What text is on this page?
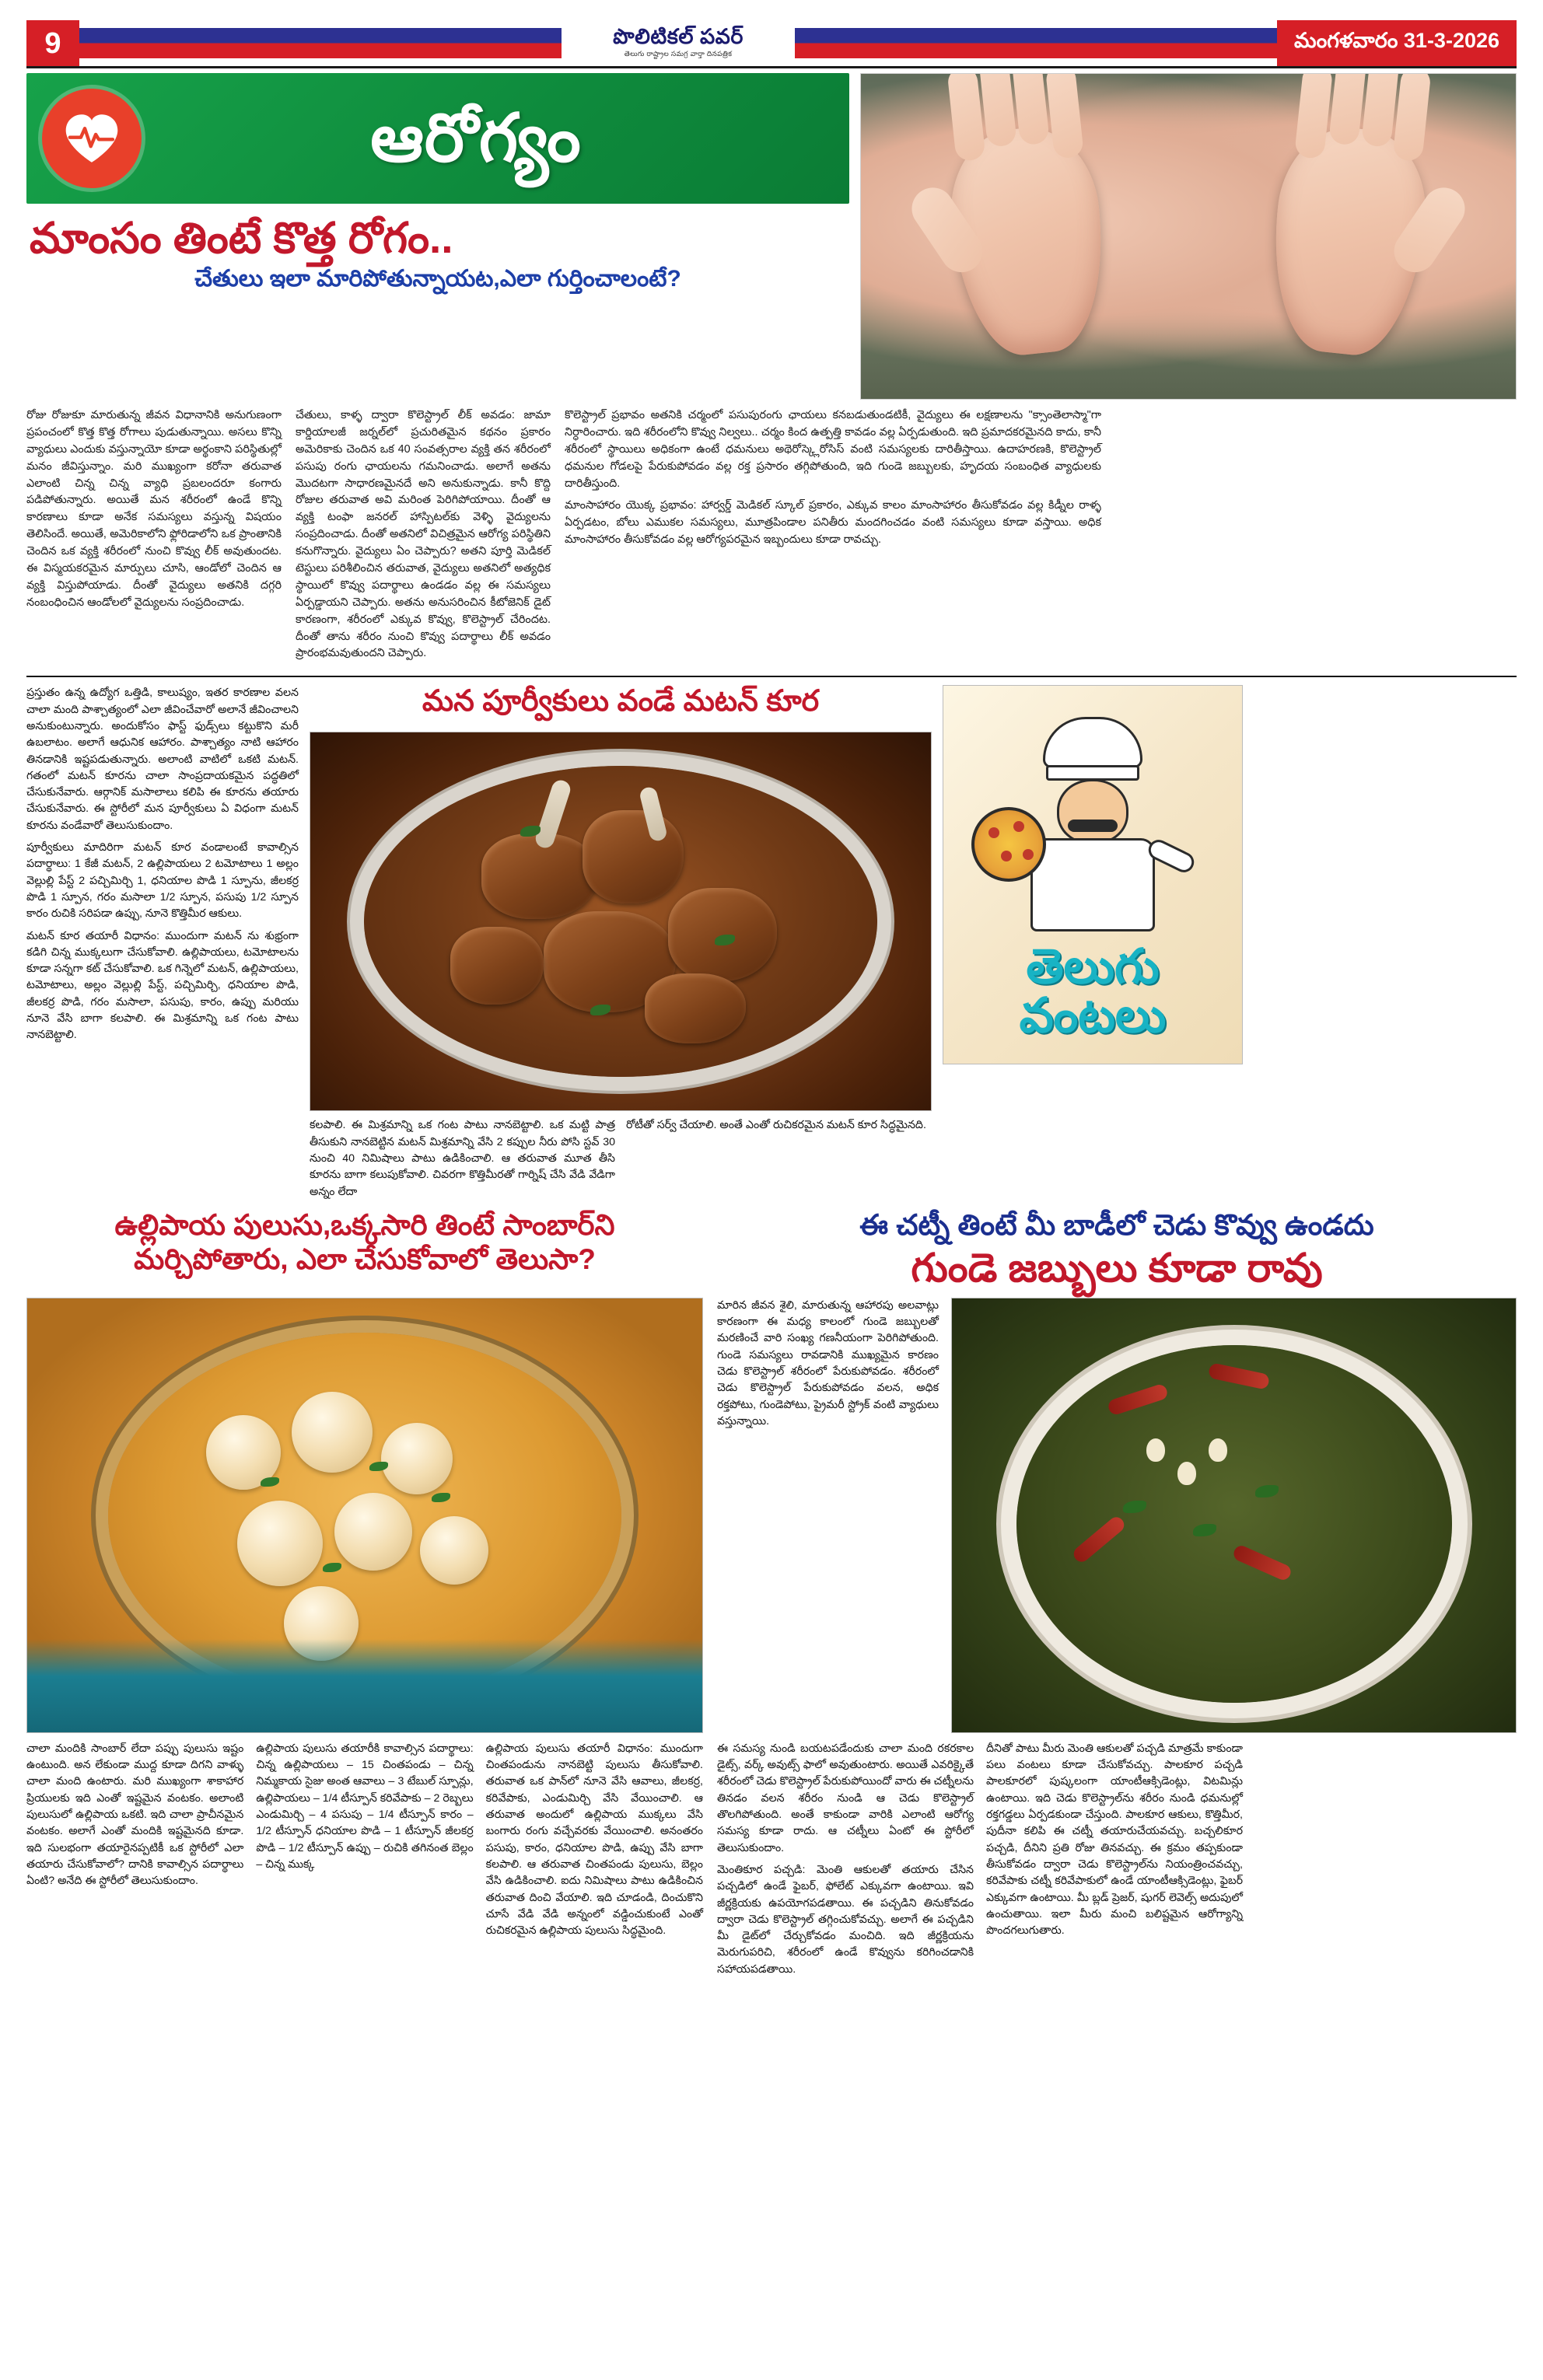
9	పొలిటికల్ పవర్
తెలుగు రాష్ట్రాల సమగ్ర వార్తా దినపత్రిక
మంగళవారం 31-3-2026
ఆరోగ్యం
మాంసం తింటే కొత్త రోగం..
చేతులు ఇలా మారిపోతున్నాయట,ఎలా గుర్తించాలంటే?

రోజు రోజుకూ మారుతున్న జీవన విధానానికి అనుగుణంగా ప్రపంచంలో కొత్త కొత్త రోగాలు పుడుతున్నాయి. అసలు కొన్ని వ్యాధులు ఎందుకు వస్తున్నాయో కూడా అర్థంకాని పరిస్థితుల్లో మనం జీవిస్తున్నాం. మరి ముఖ్యంగా కరోనా తరువాత ఎలాంటి చిన్న చిన్న వ్యాధి ప్రబలందరూ కంగారు పడిపోతున్నారు. అయితే మన శరీరంలో ఉండే కొన్ని కారణాలు కూడా అనేక సమస్యలు వస్తున్న విషయం తెలిసిందే. అయితే, అమెరికాలోని ఫ్లోరిడాలోని ఒక ప్రాంతానికి చెందిన ఒక వ్యక్తి శరీరంలో నుంచి కొవ్వు లీక్ అవుతుందట. ఈ విస్మయకరమైన మార్పులు చూసి, ఆండోలో చెందిన ఆ వ్యక్తి విస్తుపోయాడు. దీంతో వైద్యులు అతనికి దగ్గరి నంబంధించిన ఆండోలలో వైద్యులను సంప్రదించాడు.

చేతులు, కాళ్ళ ద్వారా కొలెస్ట్రాల్ లీక్ అవడం: జామా కార్డియాలజీ జర్నల్‌లో ప్రచురితమైన కథనం ప్రకారం అమెరికాకు చెందిన ఒక 40 సంవత్సరాల వ్యక్తి తన శరీరంలో పసుపు రంగు ఛాయలను గమనించాడు. అలాగే అతను మొదటగా సాధారణమైనదే అని అనుకున్నాడు. కానీ కొద్ది రోజుల తరువాత అవి మరింత పెరిగిపోయాయి. దీంతో ఆ వ్యక్తి టంఫా జనరల్ హాస్పిటల్‌కు వెళ్ళి వైద్యులను సంప్రదించాడు. దీంతో అతనిలో విచిత్రమైన ఆరోగ్య పరిస్థితిని కనుగొన్నారు. వైద్యులు ఏం చెప్పారు? అతని పూర్తి మెడికల్ టెస్టులు పరిశీలించిన తరువాత, వైద్యులు అతనిలో అత్యధిక స్థాయిలో కొవ్వు పదార్థాలు ఉండడం వల్ల ఈ సమస్యలు ఏర్పడ్డాయని చెప్పారు. అతను అనుసరించిన కీటోజెనిక్ డైట్ కారణంగా, శరీరంలో ఎక్కువ కొవ్వు, కొలెస్ట్రాల్ చేరిందట. దీంతో తాను శరీరం నుంచి కొవ్వు పదార్థాలు లీక్ అవడం ప్రారంభమవుతుందని చెప్పారు.

కొలెస్ట్రాల్ ప్రభావం అతనికి చర్మంలో పసుపురంగు ఛాయలు కనబడుతుండటికీ, వైద్యులు ఈ లక్షణాలను "క్సాంతెలాస్మా"గా నిర్ధారించారు. ఇది శరీరంలోని కొవ్వు నిల్వలు.. చర్మం కింద ఉత్పత్తి కావడం వల్ల ఏర్పడుతుంది. ఇది ప్రమాదకరమైనది కాదు, కానీ శరీరంలో స్థాయిలు అధికంగా ఉంటే ధమనులు అథెరోస్క్లెరోసిస్ వంటి సమస్యలకు దారితీస్తాయి. ఉదాహరణకి, కొలెస్ట్రాల్ ధమనుల గోడలపై పేరుకుపోవడం వల్ల రక్త ప్రసారం తగ్గిపోతుంది, ఇది గుండె జబ్బులకు, హృదయ సంబంధిత వ్యాధులకు దారితీస్తుంది.

మాంసాహారం యొక్క ప్రభావం: హార్వర్డ్ మెడికల్ స్కూల్ ప్రకారం, ఎక్కువ కాలం మాంసాహారం తీసుకోవడం వల్ల కిడ్నీల రాళ్ళ ఏర్పడటం, బోలు ఎముకల సమస్యలు, మూత్రపిండాల పనితీరు మందగించడం వంటి సమస్యలు కూడా వస్తాయి. అధిక మాంసాహారం తీసుకోవడం వల్ల ఆరోగ్యపరమైన ఇబ్బందులు కూడా రావచ్చు.

ప్రస్తుతం ఉన్న ఉద్యోగ ఒత్తిడి, కాలుష్యం, ఇతర కారణాల వలన చాలా మంది పాశ్చాత్యంలో ఎలా జీవించేవారో అలానే జీవించాలని అనుకుంటున్నారు. అందుకోసం ఫాస్ట్ ఫుడ్స్‌లు కట్టుకొని మరీ ఉబలాటం. అలాగే ఆధునిక ఆహారం. పాశ్చాత్యం నాటి ఆహారం తినడానికి ఇష్టపడుతున్నారు. అలాంటి వాటిలో ఒకటి మటన్. గతంలో మటన్ కూరను చాలా సాంప్రదాయకమైన పద్ధతిలో చేసుకునేవారు. ఆర్గానిక్ మసాలాలు కలిపి ఈ కూరను తయారు చేసుకునేవారు. ఈ స్టోరీలో మన పూర్వీకులు ఏ విధంగా మటన్ కూరను వండేవారో తెలుసుకుందాం.

పూర్వీకులు మాదిరిగా మటన్ కూర వండాలంటే కావాల్సిన పదార్థాలు: 1 కేజీ మటన్, 2 ఉల్లిపాయలు 2 టమోటాలు 1 అల్లం వెల్లుల్లి పేస్ట్ 2 పచ్చిమిర్చి 1, ధనియాల పొడి 1 స్పూను, జీలకర్ర పొడి 1 స్పూన, గరం మసాలా 1/2 స్పూన, పసుపు 1/2 స్పూన కారం రుచికి సరిపడా ఉప్పు, నూనె కొత్తిమీర ఆకులు.

మటన్ కూర తయారీ విధానం: ముందుగా మటన్ ను శుభ్రంగా కడిగి చిన్న ముక్కలుగా చేసుకోవాలి. ఉల్లిపాయలు, టమోటాలను కూడా సన్నగా కట్ చేసుకోవాలి. ఒక గిన్నెలో మటన్, ఉల్లిపాయలు, టమోటాలు, అల్లం వెల్లుల్లి పేస్ట్, పచ్చిమిర్చి, ధనియాల పొడి, జీలకర్ర పొడి, గరం మసాలా, పసుపు, కారం, ఉప్పు మరియు నూనె వేసి బాగా కలపాలి. ఈ మిశ్రమాన్ని ఒక గంట పాటు నానబెట్టాలి.

మన పూర్వీకులు వండే మటన్ కూర
కలపాలి. ఈ మిశ్రమాన్ని ఒక గంట పాటు నానబెట్టాలి. ఒక మట్టి పాత్ర తీసుకుని నానబెట్టిన మటన్ మిశ్రమాన్ని వేసి 2 కప్పుల నీరు పోసి స్టవ్ 30 నుంచి 40 నిమిషాలు పాటు ఉడికించాలి. ఆ తరువాత మూత తీసి కూరను బాగా కలుపుకోవాలి. చివరగా కొత్తిమీరతో గార్నిష్ చేసి వేడి వేడిగా అన్నం లేదా
రోటీతో సర్వ్ చేయాలి. అంతే ఎంతో రుచికరమైన మటన్ కూర సిద్ధమైనది.
తెలుగు
వంటలు
ఉల్లిపాయ పులుసు,ఒక్కసారి తింటే సాంబార్‌ని
మర్చిపోతారు, ఎలా చేసుకోవాలో తెలుసా?
ఈ చట్నీ తింటే మీ బాడీలో చెడు కొవ్వు ఉండదు
గుండె జబ్బులు కూడా రావు

చాలా మందికి సాంబార్ లేదా పప్పు పులుసు ఇష్టం ఉంటుంది. అన లేకుండా ముద్ద కూడా దిగని వాళ్ళు చాలా మంది ఉంటారు. మరి ముఖ్యంగా శాకాహార ప్రియులకు ఇది ఎంతో ఇష్టమైన వంటకం. అలాంటి పులుసులో ఉల్లిపాయ ఒకటి. ఇది చాలా ప్రాచీనమైన వంటకం. అలాగే ఎంతో మందికి ఇష్టమైనది కూడా. ఇది సులభంగా తయారైనప్పటికీ ఒక స్టోరీలో ఎలా తయారు చేసుకోవాలో? దానికి కావాల్సిన పదార్థాలు ఏంటి? అనేది ఈ స్టోరీలో తెలుసుకుందాం.

ఉల్లిపాయ పులుసు తయారీకి కావాల్సిన పదార్థాలు: చిన్న ఉల్లిపాయలు – 15 చింతపండు – చిన్న నిమ్మకాయ సైజు అంత ఆవాలు – 3 టేబుల్ స్పూన్లు, ఉల్లిపాయలు – 1/4 టీస్పూన్ కరివేపాకు – 2 రెబ్బలు ఎండుమిర్చి – 4 పసుపు – 1/4 టీస్పూన్ కారం – 1/2 టీస్పూన్ ధనియాల పొడి – 1 టీస్పూన్ జీలకర్ర పొడి – 1/2 టీస్పూన్ ఉప్పు – రుచికి తగినంత బెల్లం – చిన్న ముక్క

ఉల్లిపాయ పులుసు తయారీ విధానం: ముందుగా చింతపండును నానబెట్టి పులుసు తీసుకోవాలి. తరువాత ఒక పాన్‌లో నూనె వేసి ఆవాలు, జీలకర్ర, కరివేపాకు, ఎండుమిర్చి వేసి వేయించాలి. ఆ తరువాత అందులో ఉల్లిపాయ ముక్కలు వేసి బంగారు రంగు వచ్చేవరకు వేయించాలి. అనంతరం పసుపు, కారం, ధనియాల పొడి, ఉప్పు వేసి బాగా కలపాలి. ఆ తరువాత చింతపండు పులుసు, బెల్లం వేసి ఉడికించాలి. ఐదు నిమిషాలు పాటు ఉడికించిన తరువాత దించి వేయాలి. ఇది చూడండి, దించుకొని చూసే వేడి వేడి అన్నంలో వడ్డించుకుంటే ఎంతో రుచికరమైన ఉల్లిపాయ పులుసు సిద్ధమైంది.

మారిన జీవన శైలి, మారుతున్న ఆహారపు అలవాట్లు కారణంగా ఈ మధ్య కాలంలో గుండె జబ్బులతో మరణించే వారి సంఖ్య గణనీయంగా పెరిగిపోతుంది. గుండె సమస్యలు రావడానికి ముఖ్యమైన కారణం చెడు కొలెస్ట్రాల్ శరీరంలో పేరుకుపోవడం. శరీరంలో చెడు కొలెస్ట్రాల్ పేరుకుపోవడం వలన, అధిక రక్తపోటు, గుండెపోటు, ప్రైమరీ స్ట్రోక్ వంటి వ్యాధులు వస్తున్నాయి.

ఈ సమస్య నుండి బయటపడేందుకు చాలా మంది రకరకాల డైట్స్, వర్క్ అవుట్స్ ఫాలో అవుతుంటారు. అయితే ఎవరిక్కైతే శరీరంలో చెడు కొలెస్ట్రాల్ పేరుకుపోయిందో వారు ఈ చట్నీలను తినడం వలన శరీరం నుండి ఆ చెడు కొలెస్ట్రాల్ తొలగిపోతుంది. అంతే కాకుండా వారికి ఎలాంటి ఆరోగ్య సమస్య కూడా రాదు. ఆ చట్నీలు ఏంటో ఈ స్టోరీలో తెలుసుకుందాం.

మెంతికూర పచ్చడి: మెంతి ఆకులతో తయారు చేసిన పచ్చడిలో ఉండే ఫైబర్, ఫోలేట్ ఎక్కువగా ఉంటాయి. ఇవి జీర్ణక్రియకు ఉపయోగపడతాయి. ఈ పచ్చడిని తినుకోవడం ద్వారా చెడు కొలెస్ట్రాల్ తగ్గించుకోవచ్చు. అలాగే ఈ పచ్చడిని మీ డైట్‌లో చేర్చుకోవడం మంచిది. ఇది జీర్ణక్రియను మెరుగుపరిచి, శరీరంలో ఉండే కొవ్వును కరిగించడానికి సహాయపడతాయి.

దీనితో పాటు మీరు మెంతి ఆకులతో పచ్చడి మాత్రమే కాకుండా పలు వంటలు కూడా చేసుకోవచ్చు. పాలకూర పచ్చడి పాలకూరలో పుష్కలంగా యాంటీఆక్సిడెంట్లు, విటమిన్లు ఉంటాయి. ఇది చెడు కొలెస్ట్రాల్‌ను శరీరం నుండి ధమనుల్లో రక్తగడ్డలు ఏర్పడకుండా చేస్తుంది. పాలకూర ఆకులు, కొత్తిమీర, పుదీనా కలిపి ఈ చట్నీ తయారుచేయవచ్చు. బచ్చలికూర పచ్చడి, దీనిని ప్రతి రోజు తినవచ్చు. ఈ క్రమం తప్పకుండా తీసుకోవడం ద్వారా చెడు కొలెస్ట్రాల్‌ను నియంత్రించవచ్చు, కరివేపాకు చట్నీ కరివేపాకులో ఉండే యాంటీఆక్సిడెంట్లు, ఫైబర్ ఎక్కువగా ఉంటాయి. మీ బ్లడ్ ప్రెజర్, షుగర్ లెవెల్స్ అదుపులో ఉంచుతాయి. ఇలా మీరు మంచి బలిష్టమైన ఆరోగ్యాన్ని పొందగలుగుతారు.
